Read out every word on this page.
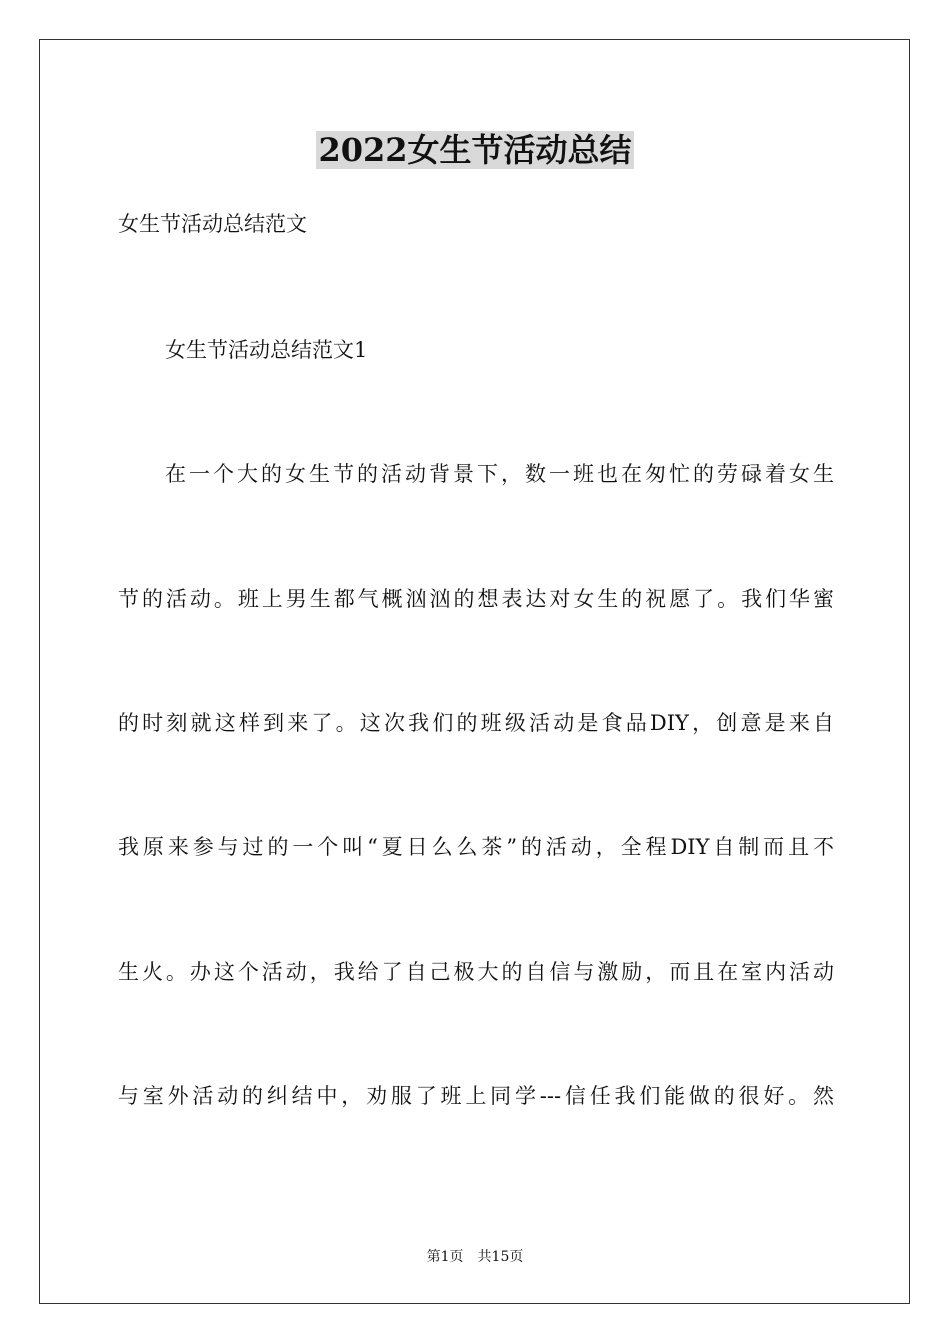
2022女生节活动总结
女生节活动总结范文
女生节活动总结范文1
在一个大的女生节的活动背景下，数一班也在匆忙的劳碌着女生
节的活动。班上男生都气概汹汹的想表达对女生的祝愿了。我们华蜜
的时刻就这样到来了。这次我们的班级活动是食品DIY，创意是来自
我原来参与过的一个叫“夏日么么茶”的活动，全程DIY自制而且不
生火。办这个活动，我给了自己极大的自信与激励，而且在室内活动
与室外活动的纠结中，劝服了班上同学---信任我们能做的很好。然
第1页　共15页
